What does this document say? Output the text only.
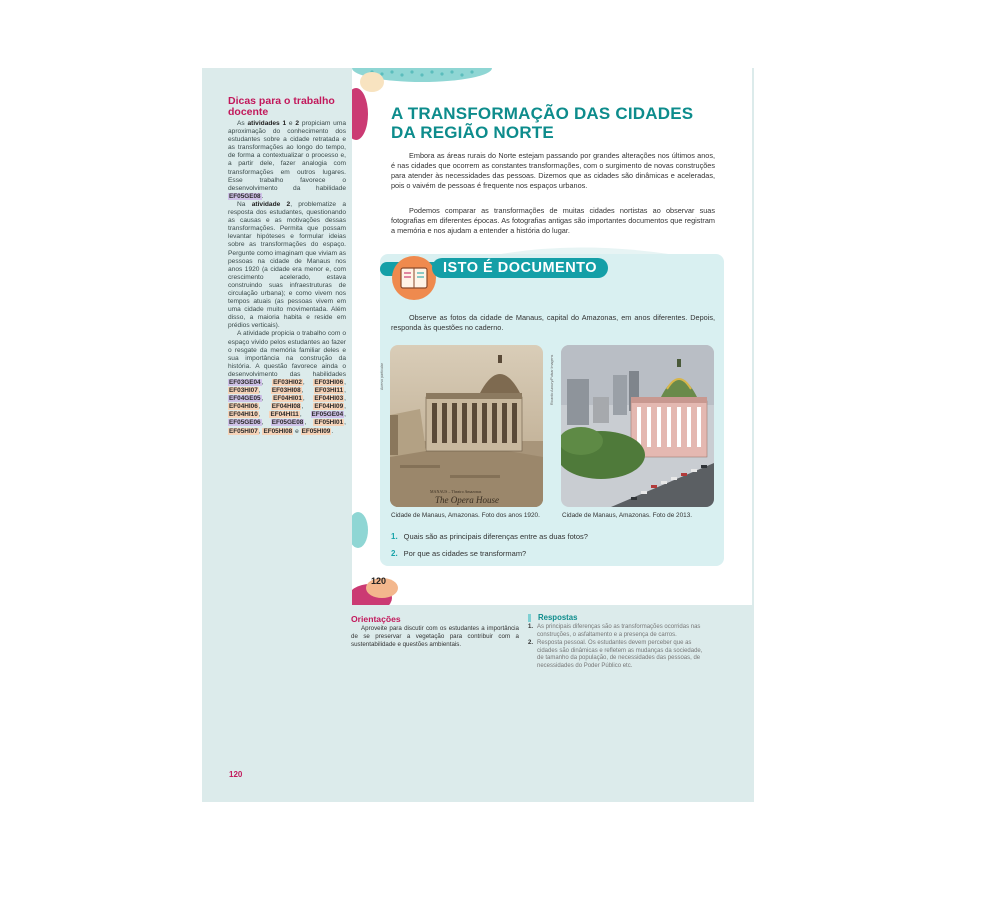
Dicas para o trabalho docente

As atividades 1 e 2 propiciam uma aproximação do conhecimento dos estudantes sobre a cidade retratada e as transformações ao longo do tempo, de forma a contextualizar o processo e, a partir dele, fazer analogia com transformações em outros lugares. Esse trabalho favorece o desenvolvimento da habilidade EF05GE08.

Na atividade 2, problematize a resposta dos estudantes, questionando as causas e as motivações dessas transformações. Permita que possam levantar hipóteses e formular ideias sobre as transformações do espaço. Pergunte como imaginam que viviam as pessoas na cidade de Manaus nos anos 1920 (a cidade era menor e, com crescimento acelerado, estava construindo suas infraestruturas de circulação urbana); e como vivem nos tempos atuais (as pessoas vivem em uma cidade muito movimentada. Além disso, a maioria habita e reside em prédios verticais).

A atividade propicia o trabalho com o espaço vivido pelos estudantes ao fazer o resgate da memória familiar deles e sua importância na construção da história. A questão favorece ainda o desenvolvimento das habilidades EF03GE04, EF03HI02, EF03HI06, EF03HI07, EF03HI08, EF03HI11, EF04GE05, EF04HI01, EF04HI03, EF04HI06, EF04HI08, EF04HI09, EF04HI10, EF04HI11, EF05GE04, EF05GE06, EF05GE08, EF05HI01, EF05HI07, EF05HI08 e EF05HI09.

120
A TRANSFORMAÇÃO DAS CIDADES DA REGIÃO NORTE

Embora as áreas rurais do Norte estejam passando por grandes alterações nos últimos anos, é nas cidades que ocorrem as constantes transformações, com o surgimento de novas construções para atender às necessidades das pessoas. Dizemos que as cidades são dinâmicas e aceleradas, pois o vaivém de pessoas é frequente nos espaços urbanos.

Podemos comparar as transformações de muitas cidades nortistas ao observar suas fotografias em diferentes épocas. As fotografias antigas são importantes documentos que registram a memória e nos ajudam a entender a história do lugar.

ISTO É DOCUMENTO

Observe as fotos da cidade de Manaus, capital do Amazonas, em anos diferentes. Depois, responda às questões no caderno.

Acervo particular
MANAUS – Theatro Amazonas
The Opera House
Cidade de Manaus, Amazonas. Foto dos anos 1920.
Ricardo Azoury/Pulsar Imagens
Cidade de Manaus, Amazonas. Foto de 2013.
1. Quais são as principais diferenças entre as duas fotos?
2. Por que as cidades se transformam?
120
Orientações

Aproveite para discutir com os estudantes a importância de se preservar a vegetação para contribuir com a sustentabilidade e questões ambientais.

Respostas
1. As principais diferenças são as transformações ocorridas nas construções, o asfaltamento e a presença de carros.
2. Resposta pessoal. Os estudantes devem perceber que as cidades são dinâmicas e refletem as mudanças da sociedade, de tamanho da população, de necessidades das pessoas, de necessidades do Poder Público etc.
